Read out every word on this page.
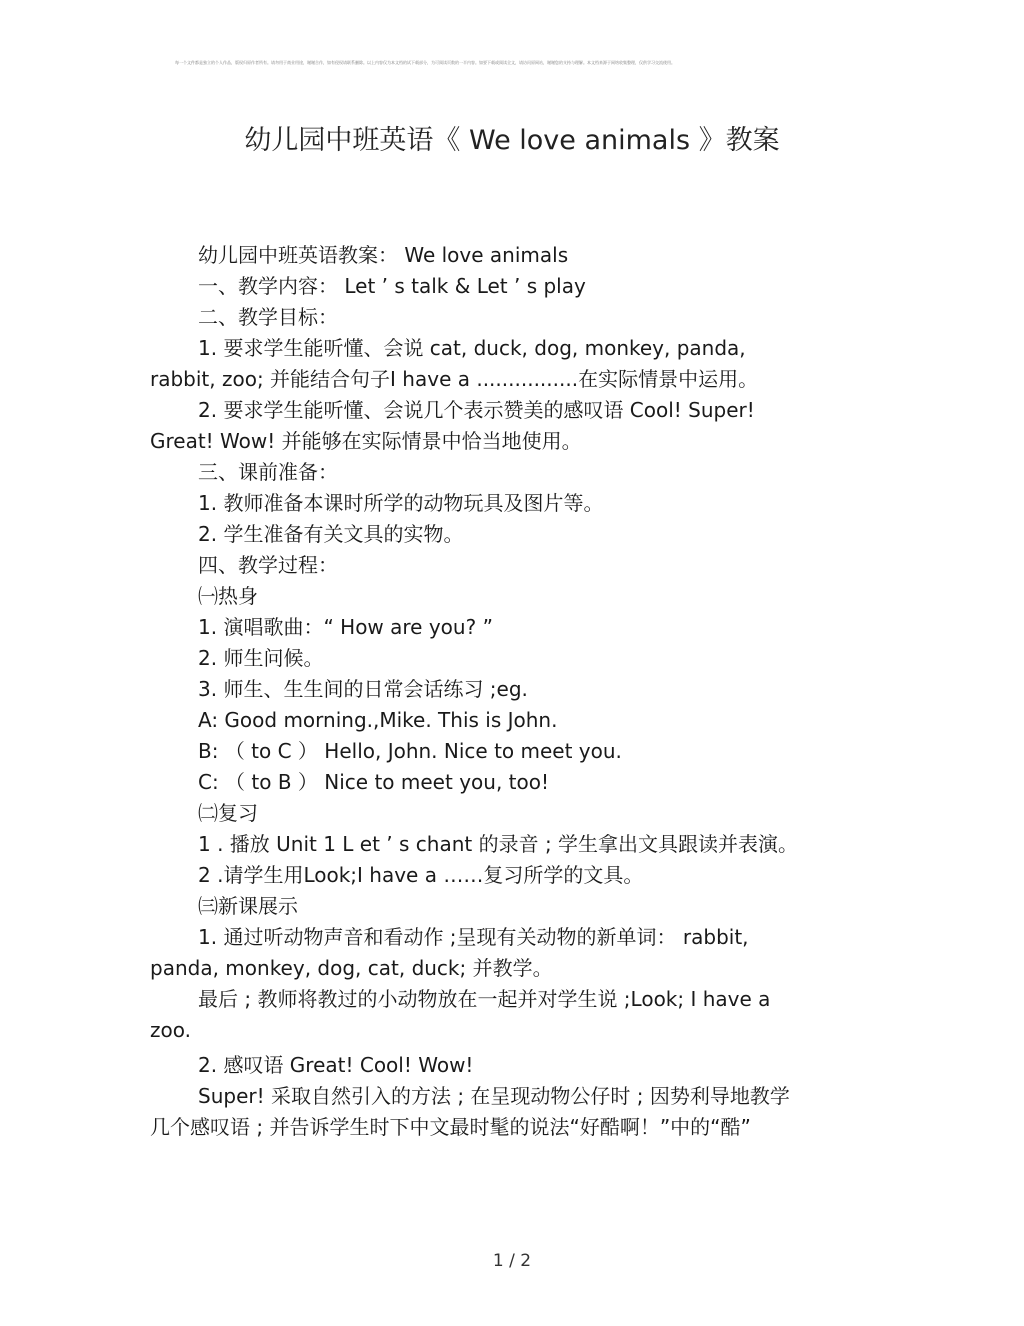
每一个文件都是独立的个人作品，版权归原作者所有。请勿用于商业用途，谢谢合作，如有侵权请联系删除。以上内容仅为本文档的试下载部分，为可阅读页数的一半内容。如要下载或阅读全文，请访问原网站，谢谢您的支持与理解。本文档来源于网络收集整理，仅供学习交流使用。
幼儿园中班英语《 We love animals 》教案
幼儿园中班英语教案： We love animals
一、教学内容： Let ’ s talk & Let ’ s play
二、教学目标：
1. 要求学生能听懂、会说 cat, duck, dog, monkey, panda,
rabbit, zoo; 并能结合句子I have a ................在实际情景中运用。
2. 要求学生能听懂、会说几个表示赞美的感叹语 Cool! Super!
Great! Wow! 并能够在实际情景中恰当地使用。
三、课前准备：
1. 教师准备本课时所学的动物玩具及图片等。
2. 学生准备有关文具的实物。
四、教学过程：
㈠热身
1. 演唱歌曲：“ How are you? ”
2. 师生问候。
3. 师生、生生间的日常会话练习 ;eg.
A: Good morning.,Mike. This is John.
B: （ to C ） Hello, John. Nice to meet you.
C: （ to B ） Nice to meet you, too!
㈡复习
1 . 播放 Unit 1 L et ’ s chant 的录音 ; 学生拿出文具跟读并表演。
2 .请学生用Look;I have a ……复习所学的文具。
㈢新课展示
1. 通过听动物声音和看动作 ;呈现有关动物的新单词： rabbit,
panda, monkey, dog, cat, duck; 并教学。
最后 ; 教师将教过的小动物放在一起并对学生说 ;Look; I have a
zoo.
2. 感叹语 Great! Cool! Wow!
Super! 采取自然引入的方法 ; 在呈现动物公仔时 ; 因势利导地教学
几个感叹语 ; 并告诉学生时下中文最时髦的说法“好酷啊！”中的“酷”
1 / 2
